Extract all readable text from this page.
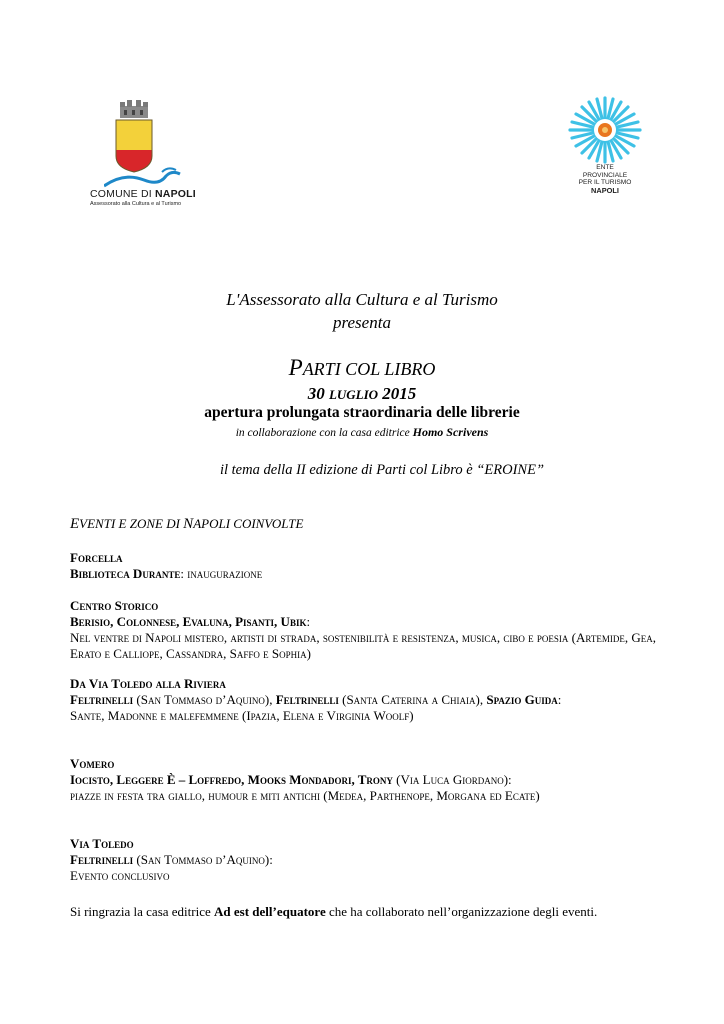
COMUNE DI NAPOLI
Assessorato alla Cultura e al Turismo
ENTE
PROVINCIALE
PER IL TURISMO
NAPOLI
L'Assessorato alla Cultura e al Turismo
presenta
PARTI COL LIBRO
30 LUGLIO 2015
apertura prolungata straordinaria delle librerie
in collaborazione con la casa editrice Homo Scrivens
il tema della II edizione di Parti col Libro è “EROINE”
EVENTI E ZONE DI NAPOLI COINVOLTE
Forcella
Biblioteca Durante: inaugurazione
Centro Storico
Berisio, Colonnese, Evaluna, Pisanti, Ubik:
Nel ventre di Napoli mistero, artisti di strada, sostenibilità e resistenza, musica, cibo e poesia (Artemide, Gea, Erato e Calliope, Cassandra, Saffo e Sophia)
Da Via Toledo alla Riviera
Feltrinelli (San Tommaso d’Aquino), Feltrinelli (Santa Caterina a Chiaia), Spazio Guida:
Sante, Madonne e malefemmene (Ipazia, Elena e Virginia Woolf)
Vomero
Iocisto, Leggere È – Loffredo, Mooks Mondadori, Trony (Via Luca Giordano):
piazze in festa tra giallo, humour e miti antichi (Medea, Parthenope, Morgana ed Ecate)
Via Toledo
Feltrinelli (San Tommaso d’Aquino):
Evento conclusivo
Si ringrazia la casa editrice Ad est dell’equatore che ha collaborato nell’organizzazione degli eventi.
